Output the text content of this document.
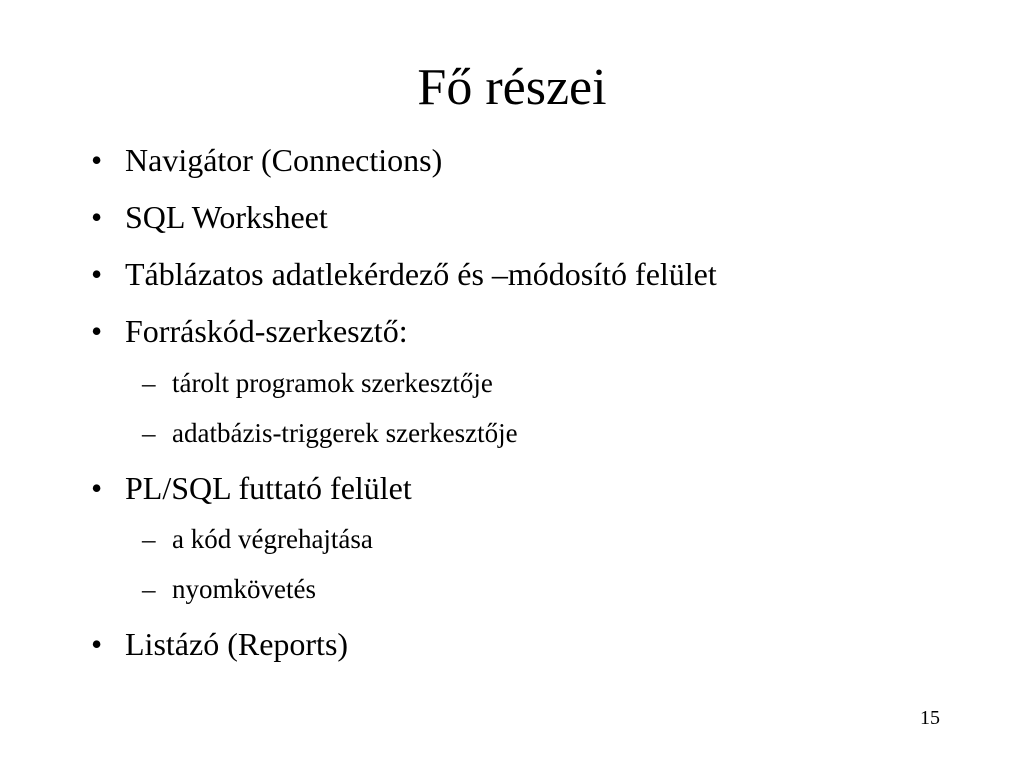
Fő részei
• Navigátor (Connections)
• SQL Worksheet
• Táblázatos adatlekérdező és –módosító felület
• Forráskód-szerkesztő:
– tárolt programok szerkesztője
– adatbázis-triggerek szerkesztője
• PL/SQL futtató felület
– a kód végrehajtása
– nyomkövetés
• Listázó (Reports)
15
